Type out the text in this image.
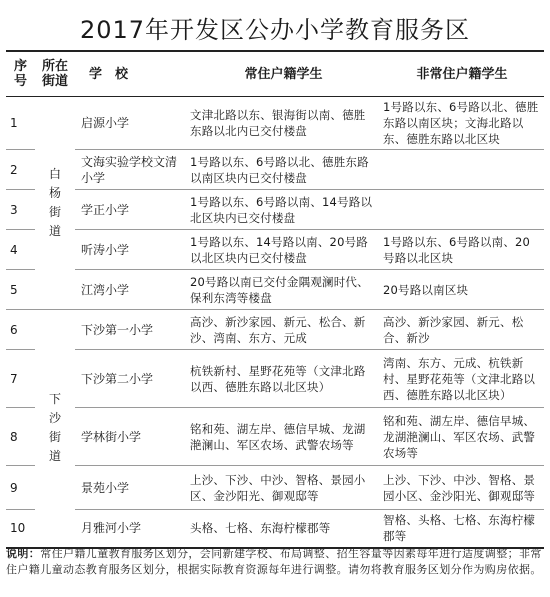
2017年开发区公办小学教育服务区
序号	所在街道	学　校	常住户籍学生	非常住户籍学生
1	白杨街道	启源小学	文津北路以东、银海街以南、德胜东路以北内已交付楼盘	1号路以东、6号路以北、德胜东路以南区块；文海北路以东、德胜东路以北区块
2		文海实验学校文清小学	1号路以东、6号路以北、德胜东路以南区块内已交付楼盘	
3		学正小学	1号路以东、6号路以南、14号路以北区块内已交付楼盘	
4		听涛小学	1号路以东、14号路以南、20号路以北区块内已交付楼盘	1号路以东、6号路以南、20号路以北区块
5		江湾小学	20号路以南已交付金隅观澜时代、保利东湾等楼盘	20号路以南区块
6	下沙街道	下沙第一小学	高沙、新沙家园、新元、松合、新沙、湾南、东方、元成	高沙、新沙家园、新元、松合、新沙
7		下沙第二小学	杭铁新村、星野花苑等（文津北路以西、德胜东路以北区块）	湾南、东方、元成、杭铁新村、星野花苑等（文津北路以西、德胜东路以北区块）
8		学林街小学	铭和苑、湖左岸、德信早城、龙湖滟澜山、军区农场、武警农场等	铭和苑、湖左岸、德信早城、龙湖滟澜山、军区农场、武警农场等
9		景苑小学	上沙、下沙、中沙、智格、景园小区、金沙阳光、御观邸等	上沙、下沙、中沙、智格、景园小区、金沙阳光、御观邸等
10		月雅河小学	头格、七格、东海柠檬郡等	智格、头格、七格、东海柠檬郡等
说明：常住户籍儿童教育服务区划分，会同新建学校、布局调整、招生容量等因素每年进行适度调整；非常住户籍儿童动态教育服务区划分，根据实际教育资源每年进行调整。请勿将教育服务区划分作为购房依据。
